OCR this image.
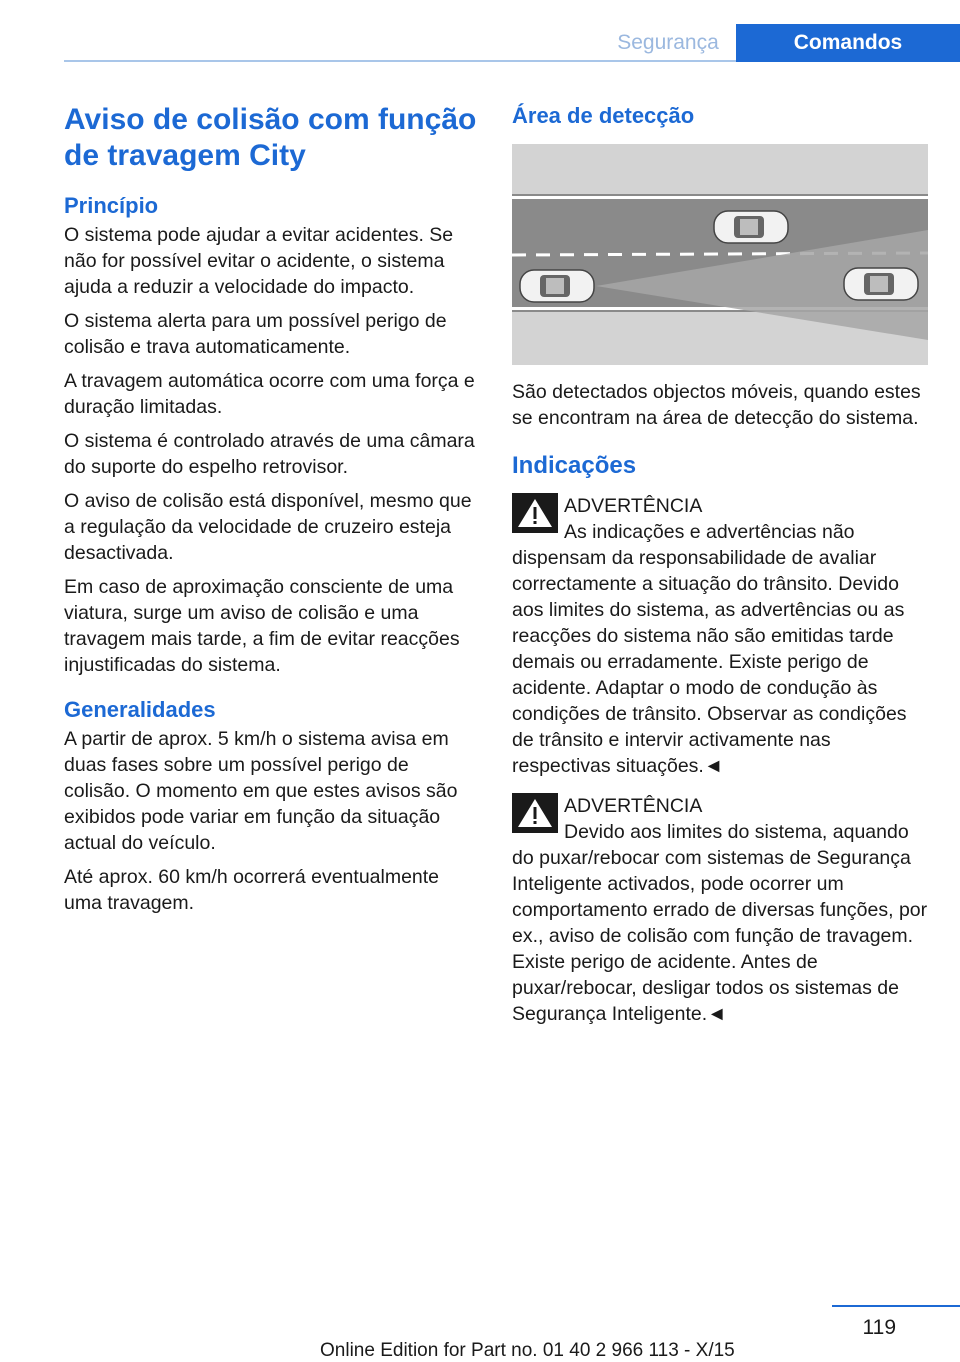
Segurança	Comandos
Aviso de colisão com função de travagem City
Princípio

O sistema pode ajudar a evitar acidentes. Se não for possível evitar o acidente, o sistema ajuda a reduzir a velocidade do impacto.

O sistema alerta para um possível perigo de colisão e trava automaticamente.

A travagem automática ocorre com uma força e duração limitadas.

O sistema é controlado através de uma câmara do suporte do espelho retrovisor.

O aviso de colisão está disponível, mesmo que a regulação da velocidade de cruzeiro esteja desactivada.

Em caso de aproximação consciente de uma viatura, surge um aviso de colisão e uma travagem mais tarde, a fim de evitar reacções injustificadas do sistema.

Generalidades

A partir de aprox. 5 km/h o sistema avisa em duas fases sobre um possível perigo de colisão. O momento em que estes avisos são exibidos pode variar em função da situação actual do veículo.

Até aprox. 60 km/h ocorrerá eventualmente uma travagem.

Área de detecção

São detectados objectos móveis, quando estes se encontram na área de detecção do sistema.

Indicações
ADVERTÊNCIA

As indicações e advertências não dispensam da responsabilidade de avaliar correctamente a situação do trânsito. Devido aos limites do sistema, as advertências ou as reacções do sistema não são emitidas tarde demais ou erradamente. Existe perigo de acidente. Adaptar o modo de condução às condições de trânsito. Observar as condições de trânsito e intervir activamente nas respectivas situações.◄

ADVERTÊNCIA

Devido aos limites do sistema, aquando do puxar/rebocar com sistemas de Segurança Inteligente activados, pode ocorrer um comportamento errado de diversas funções, por ex., aviso de colisão com função de travagem. Existe perigo de acidente. Antes de puxar/rebocar, desligar todos os sistemas de Segurança Inteligente.◄

119
Online Edition for Part no. 01 40 2 966 113 - X/15
